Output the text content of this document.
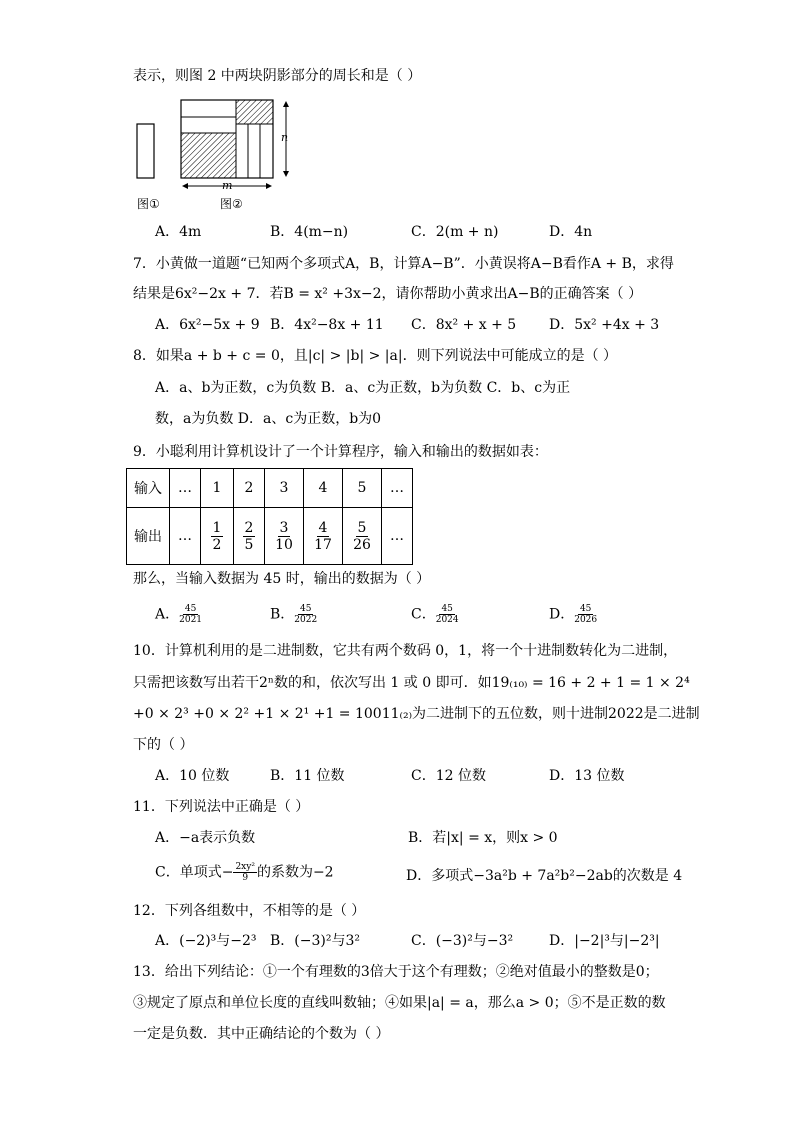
表示，则图 2 中两块阴影部分的周长和是（ ）
n
m
图①	图②
A．4m	B．4(m−n)	C．2(m + n)	D．4n
7．小黄做一道题“已知两个多项式A，B，计算A−B”．小黄误将A−B看作A + B，求得
结果是6x²−2x + 7．若B = x² +3x−2，请你帮助小黄求出A−B的正确答案（ ）
A．6x²−5x + 9 B．4x²−8x + 11 C．8x² + x + 5 D．5x² +4x + 3
8．如果a + b + c = 0，且|c| > |b| > |a|．则下列说法中可能成立的是（ ）
A．a、b为正数，c为负数 B．a、c为正数，b为负数 C．b、c为正
数，a为负数 D．a、c为正数，b为0
9．小聪利用计算机设计了一个计算程序，输入和输出的数据如表：
输入	…	1	2	3	4	5	…
输出	…	$\frac{1}{2}$	$\frac{2}{5}$	$\frac{3}{10}$	$\frac{4}{17}$	$\frac{5}{26}$	…
那么，当输入数据为 45 时，输出的数据为（ ）
A． $\frac{45}{2021}$	B． $\frac{45}{2022}$	C． $\frac{45}{2024}$	D． $\frac{45}{2026}$
10．计算机利用的是二进制数，它共有两个数码 0，1，将一个十进制数转化为二进制，
只需把该数写出若干2ⁿ数的和，依次写出 1 或 0 即可．如19₍₁₀₎ = 16 + 2 + 1 = 1 × 2⁴
+0 × 2³ +0 × 2² +1 × 2¹ +1 = 10011₍₂₎为二进制下的五位数，则十进制2022是二进制
下的（ ）
A．10 位数	B．11 位数	C．12 位数	D．13 位数
11．下列说法中正确是（ ）
A．−a表示负数	B．若|x| = x，则x > 0
C．单项式− $\frac{\text{2xy²}}{9}$ 的系数为−2	D．多项式−3a²b + 7a²b²−2ab的次数是 4
12．下列各组数中，不相等的是（ ）
A．(−2)³与−2³ B．(−3)²与3²	C．(−3)²与−3²	D．|−2|³与|−2³|
13．给出下列结论：①一个有理数的3倍大于这个有理数；②绝对值最小的整数是0；
③规定了原点和单位长度的直线叫数轴；④如果|a| = a，那么a > 0；⑤不是正数的数
一定是负数．其中正确结论的个数为（ ）
